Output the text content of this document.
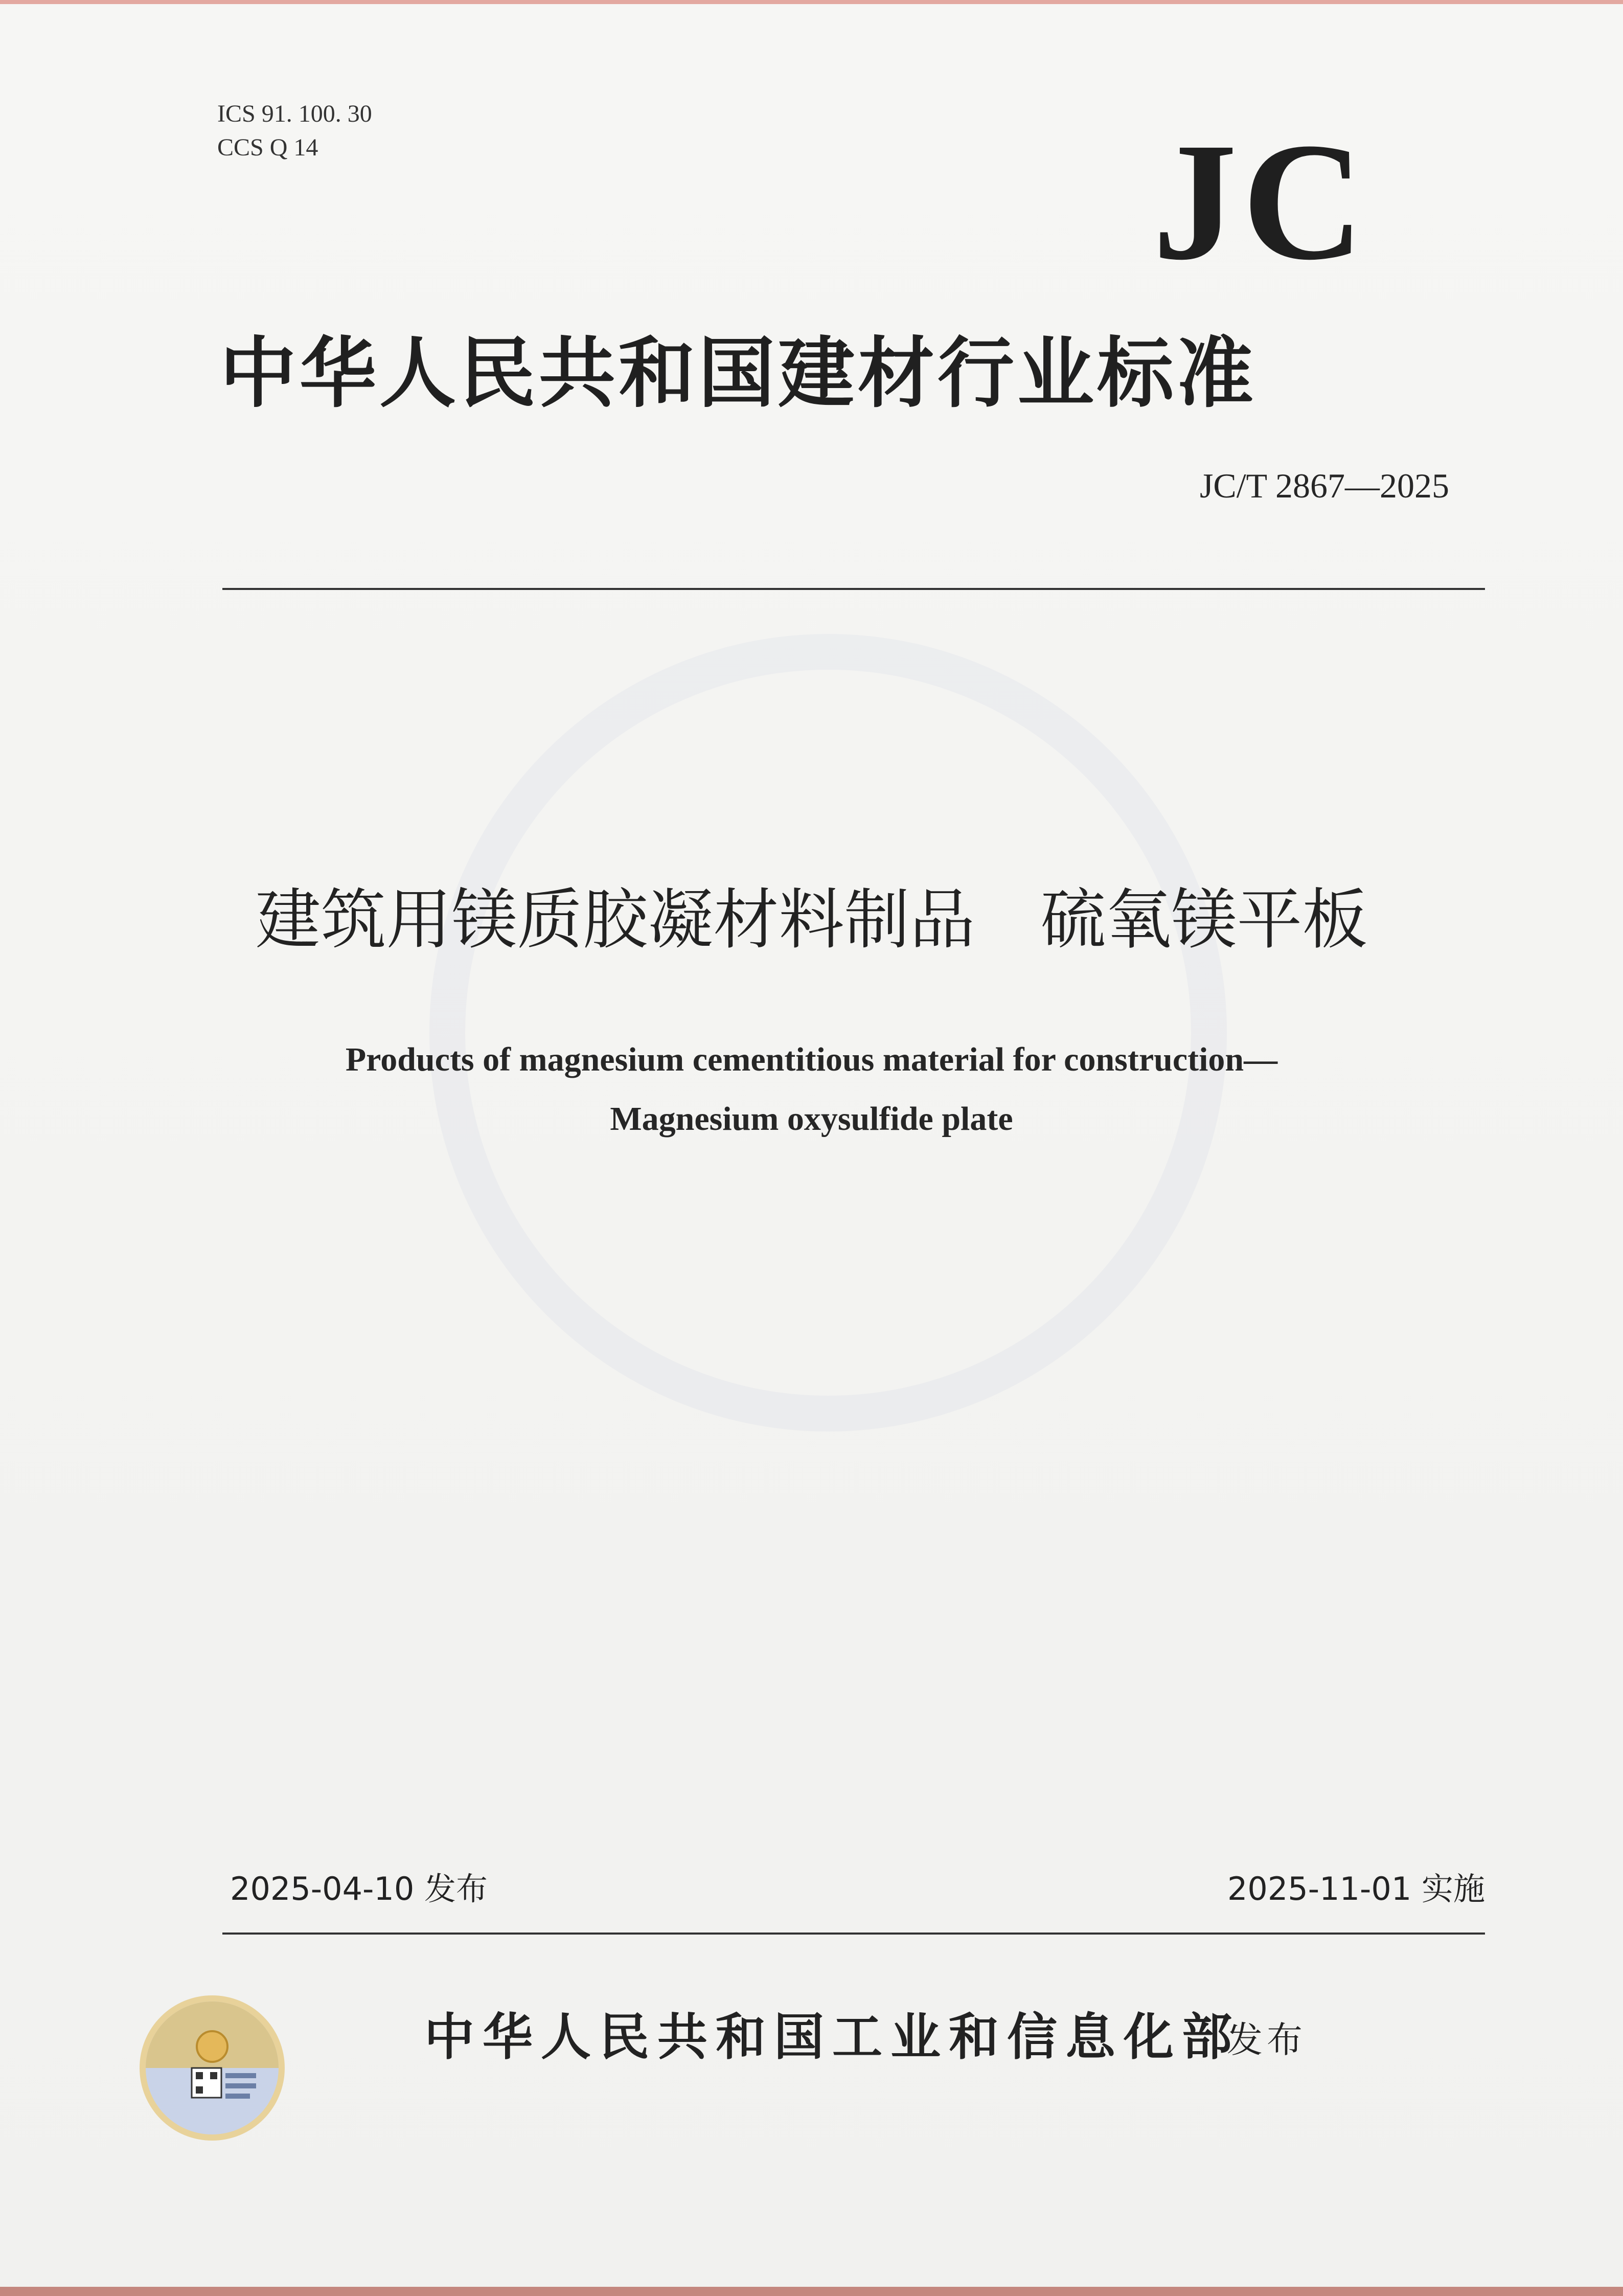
ICS 91. 100. 30
CCS Q 14	JC
中华人民共和国建材行业标准
JC/T 2867—2025
建筑用镁质胶凝材料制品　硫氧镁平板
Products of magnesium cementitious material for construction—
Magnesium oxysulfide plate
2025-04-10 发布	2025-11-01 实施
中华人民共和国工业和信息化部
发布
